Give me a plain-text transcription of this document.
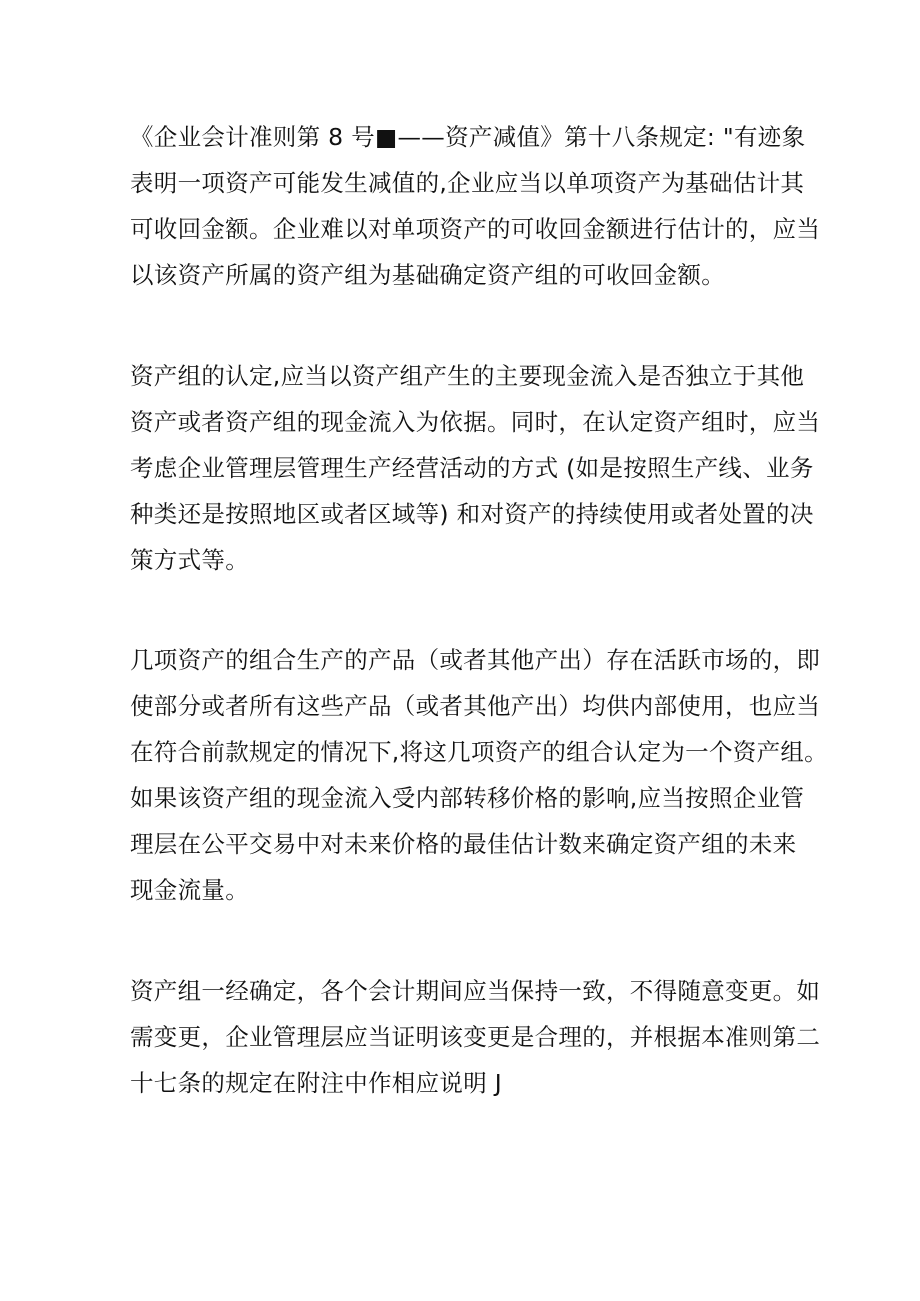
《企业会计准则第 8 号■——资产减值》第十八条规定: "有迹象
表明一项资产可能发生减值的,企业应当以单项资产为基础估计其
可收回金额。企业难以对单项资产的可收回金额进行估计的，应当
以该资产所属的资产组为基础确定资产组的可收回金额。

资产组的认定,应当以资产组产生的主要现金流入是否独立于其他
资产或者资产组的现金流入为依据。同时，在认定资产组时，应当
考虑企业管理层管理生产经营活动的方式 (如是按照生产线、业务
种类还是按照地区或者区域等) 和对资产的持续使用或者处置的决
策方式等。

几项资产的组合生产的产品（或者其他产出）存在活跃市场的，即
使部分或者所有这些产品（或者其他产出）均供内部使用，也应当
在符合前款规定的情况下,将这几项资产的组合认定为一个资产组。
如果该资产组的现金流入受内部转移价格的影响,应当按照企业管
理层在公平交易中对未来价格的最佳估计数来确定资产组的未来
现金流量。

资产组一经确定，各个会计期间应当保持一致，不得随意变更。如
需变更，企业管理层应当证明该变更是合理的，并根据本准则第二
十七条的规定在附注中作相应说明 J
